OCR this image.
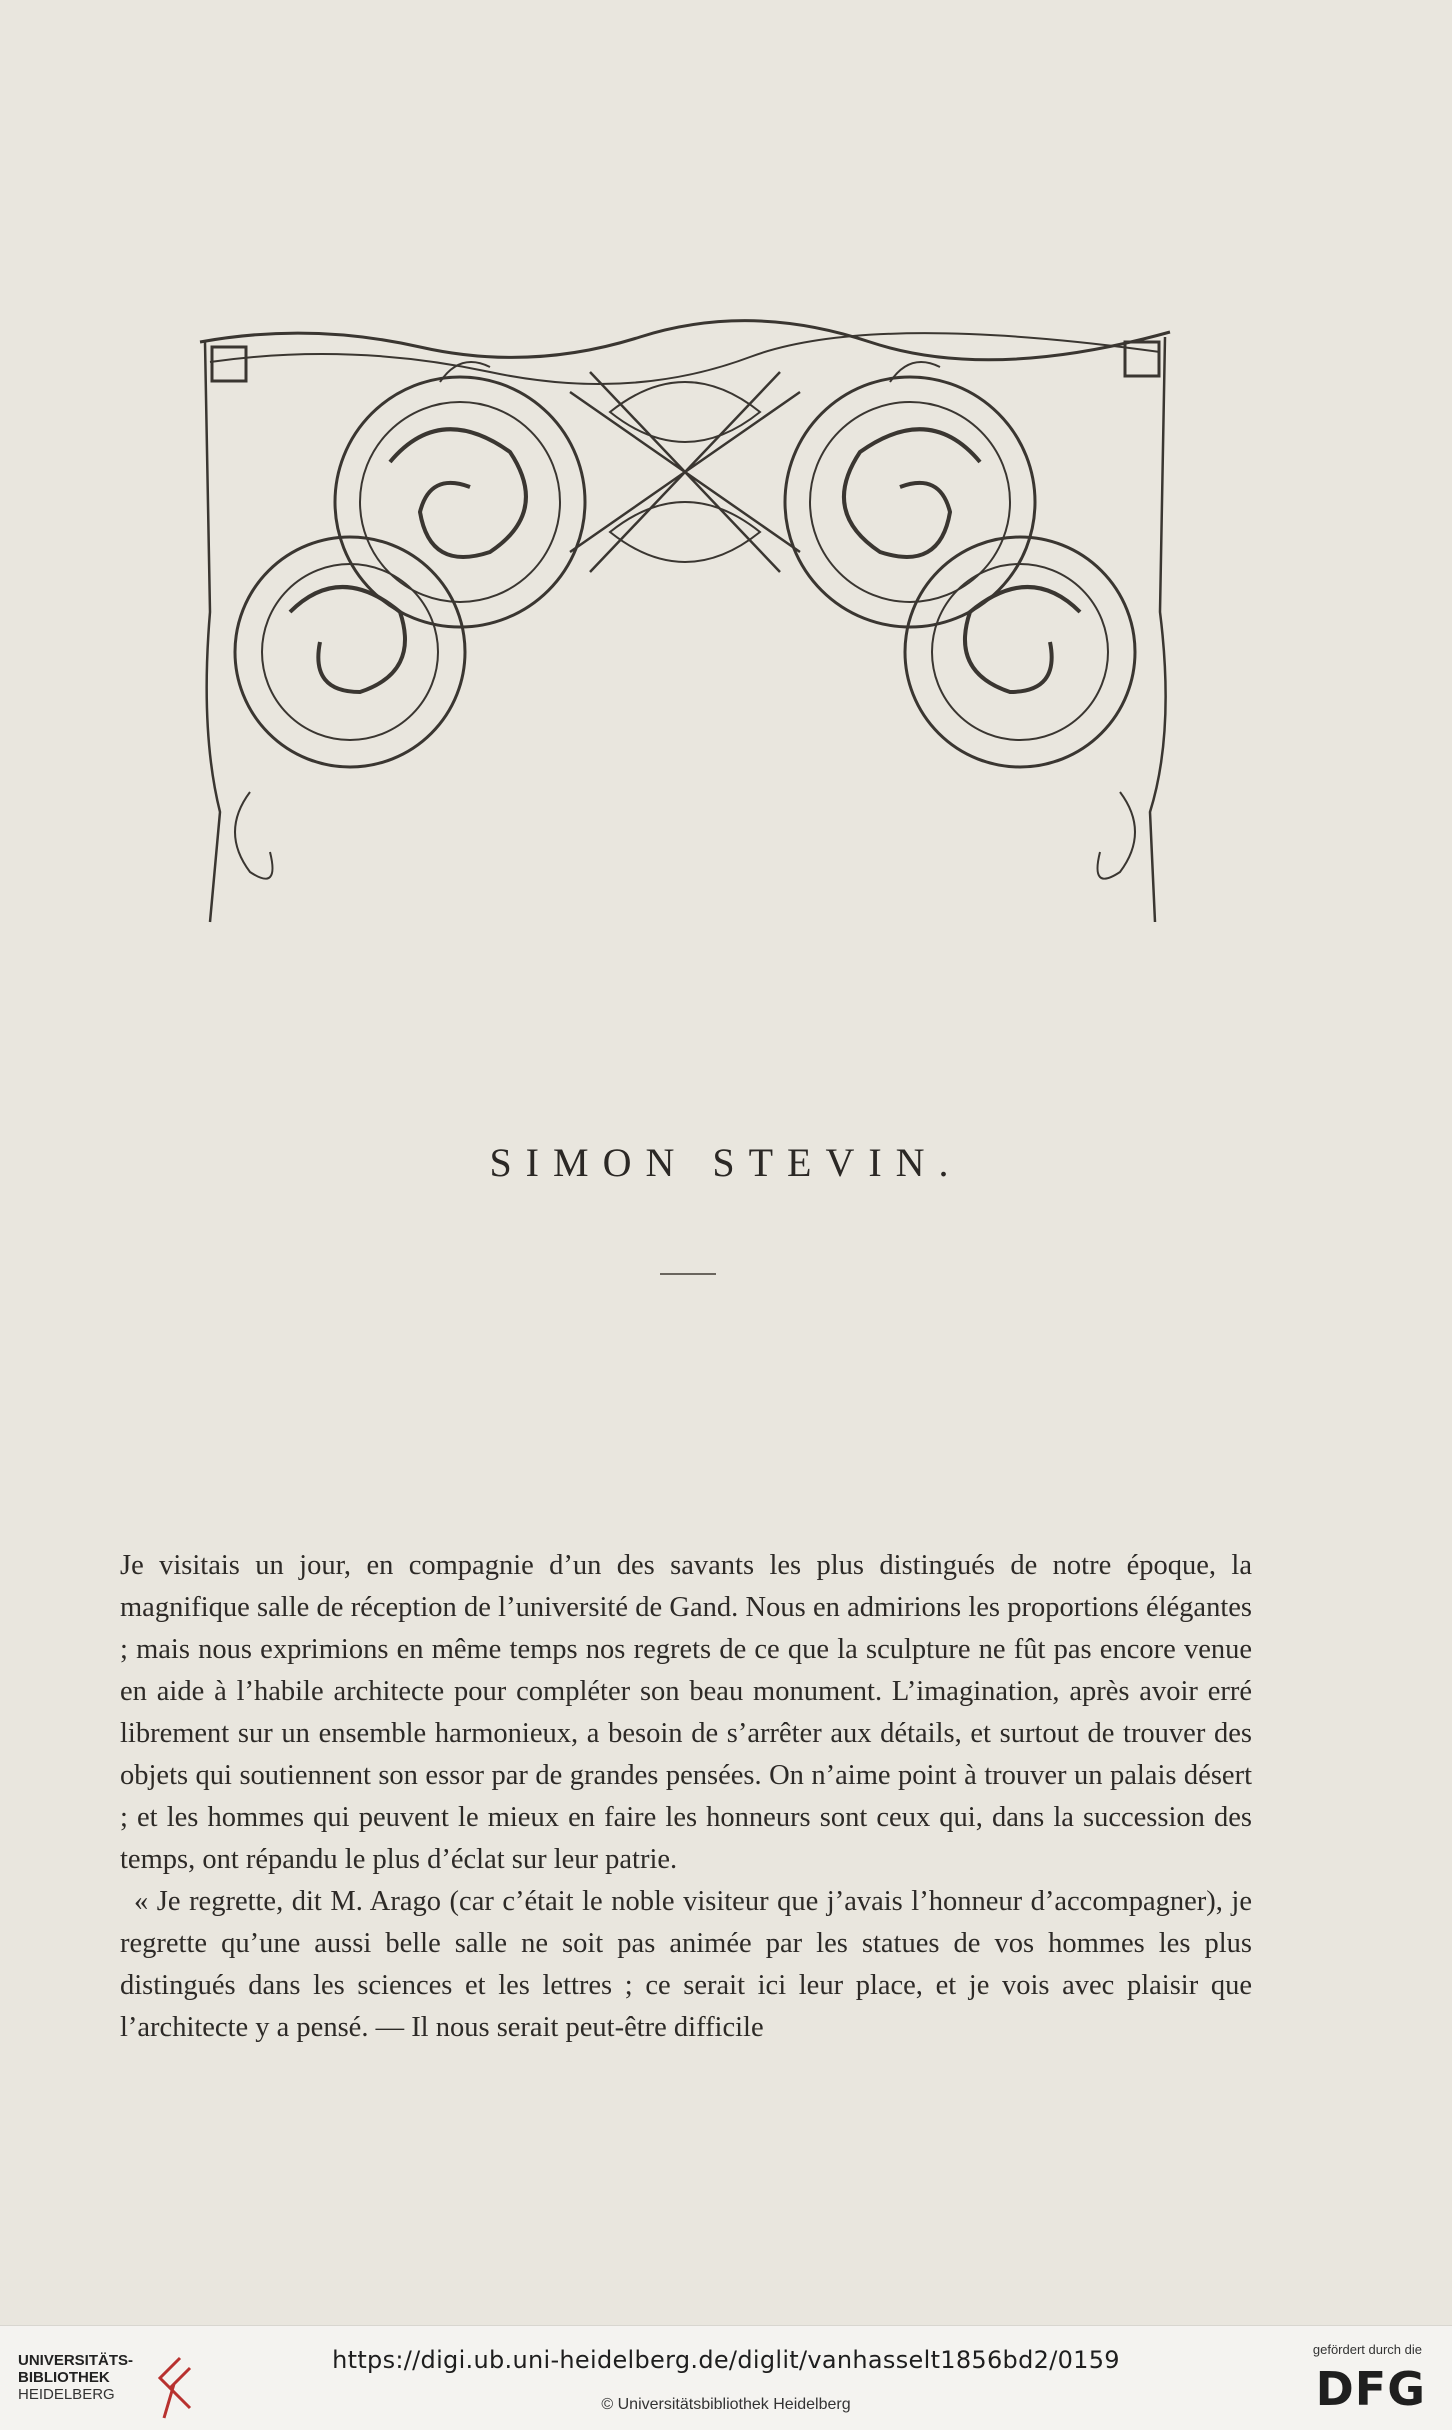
SIMON STEVIN.

Je visitais un jour, en compagnie d’un des savants les plus distingués de notre époque, la magnifique salle de réception de l’université de Gand. Nous en admirions les proportions élégantes ; mais nous exprimions en même temps nos regrets de ce que la sculpture ne fût pas encore venue en aide à l’habile architecte pour compléter son beau monument. L’imagination, après avoir erré librement sur un ensemble harmonieux, a besoin de s’arrêter aux détails, et surtout de trouver des objets qui soutiennent son essor par de grandes pensées. On n’aime point à trouver un palais désert ; et les hommes qui peuvent le mieux en faire les honneurs sont ceux qui, dans la succession des temps, ont répandu le plus d’éclat sur leur patrie.

« Je regrette, dit M. Arago (car c’était le noble visiteur que j’avais l’honneur d’accompagner), je regrette qu’une aussi belle salle ne soit pas animée par les statues de vos hommes les plus distingués dans les sciences et les lettres ; ce serait ici leur place, et je vois avec plaisir que l’architecte y a pensé. — Il nous serait peut-être difficile

UNIVERSITÄTS-
BIBLIOTHEK
HEIDELBERG
https://digi.ub.uni-heidelberg.de/diglit/vanhasselt1856bd2/0159
© Universitätsbibliothek Heidelberg
gefördert durch die
DFG
